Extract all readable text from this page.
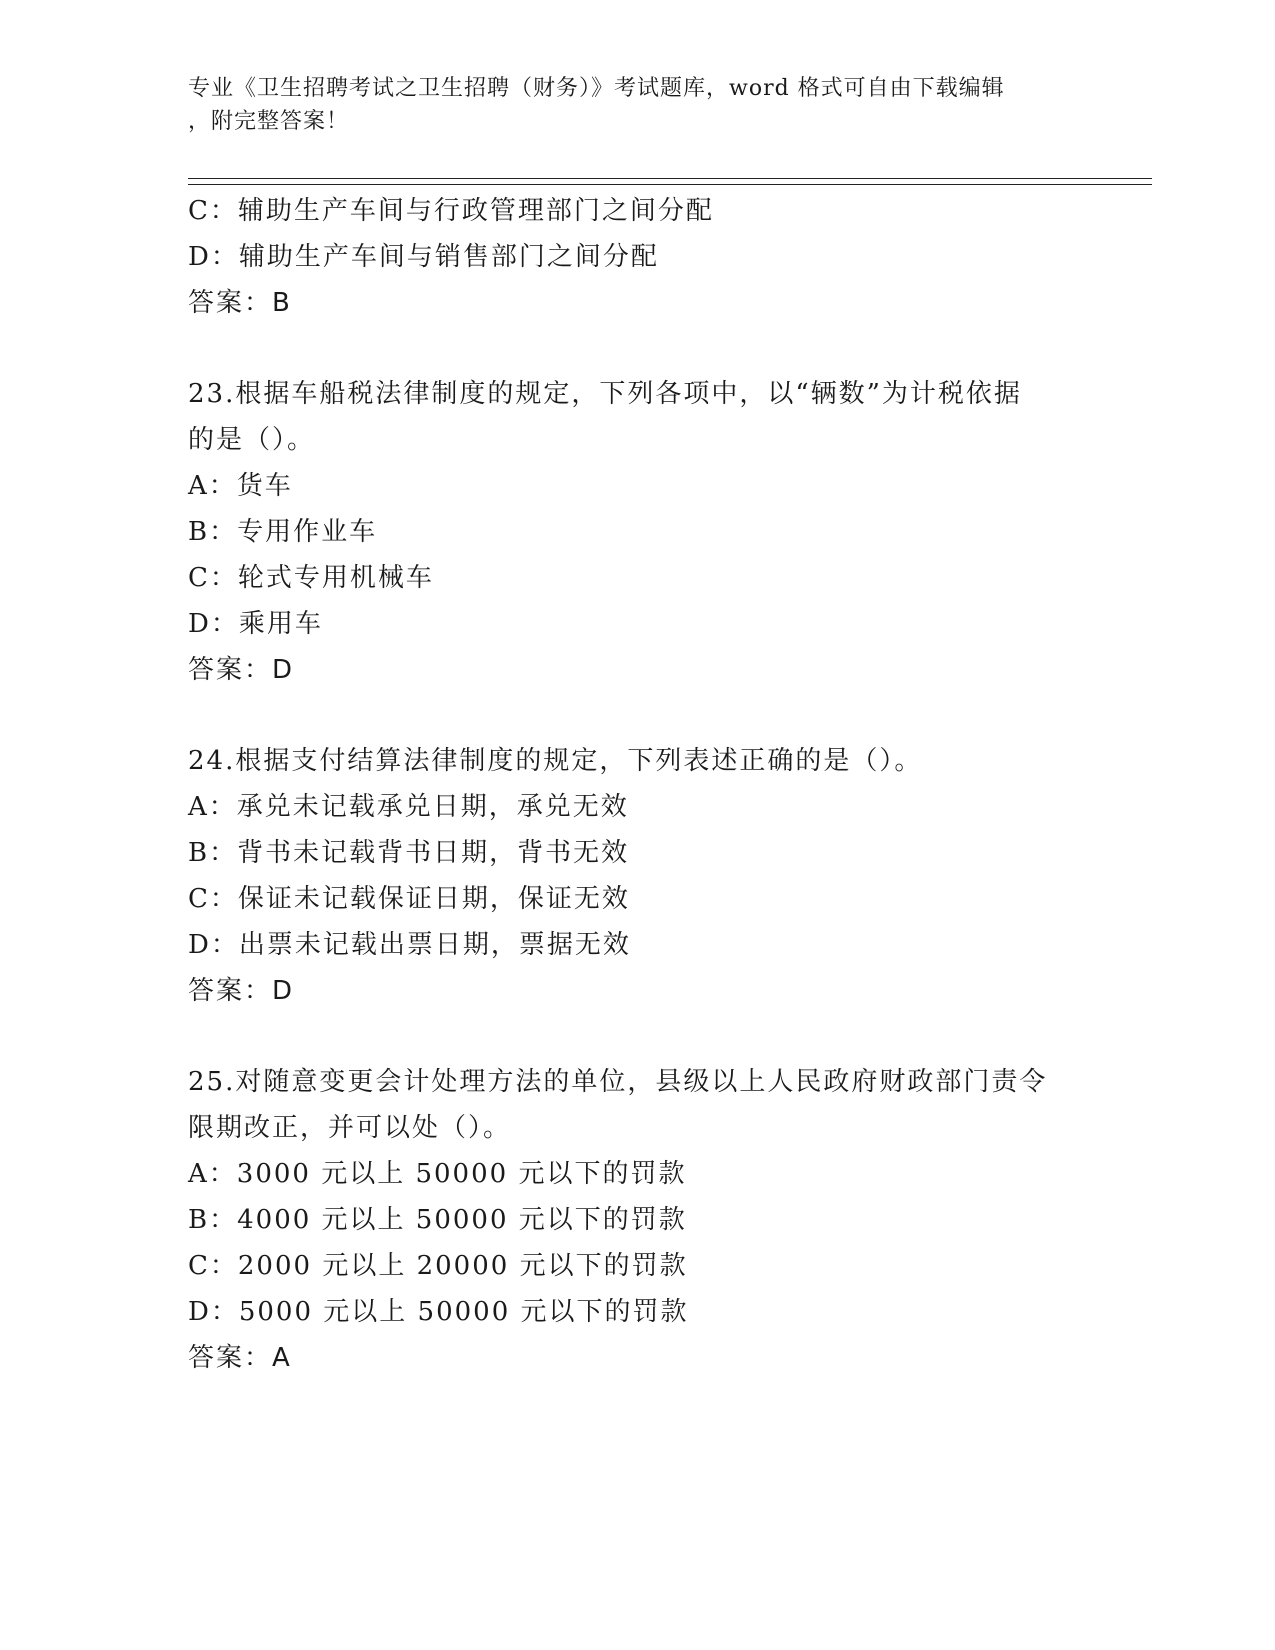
专业《卫生招聘考试之卫生招聘（财务）》考试题库，word 格式可自由下载编辑
，附完整答案！
C：辅助生产车间与行政管理部门之间分配
D：辅助生产车间与销售部门之间分配
答案：B
23.根据车船税法律制度的规定，下列各项中，以“辆数”为计税依据
的是（）。
A：货车
B：专用作业车
C：轮式专用机械车
D：乘用车
答案：D
24.根据支付结算法律制度的规定，下列表述正确的是（）。
A：承兑未记载承兑日期，承兑无效
B：背书未记载背书日期，背书无效
C：保证未记载保证日期，保证无效
D：出票未记载出票日期，票据无效
答案：D
25.对随意变更会计处理方法的单位，县级以上人民政府财政部门责令
限期改正，并可以处（）。
A：3000 元以上 50000 元以下的罚款
B：4000 元以上 50000 元以下的罚款
C：2000 元以上 20000 元以下的罚款
D：5000 元以上 50000 元以下的罚款
答案：A
